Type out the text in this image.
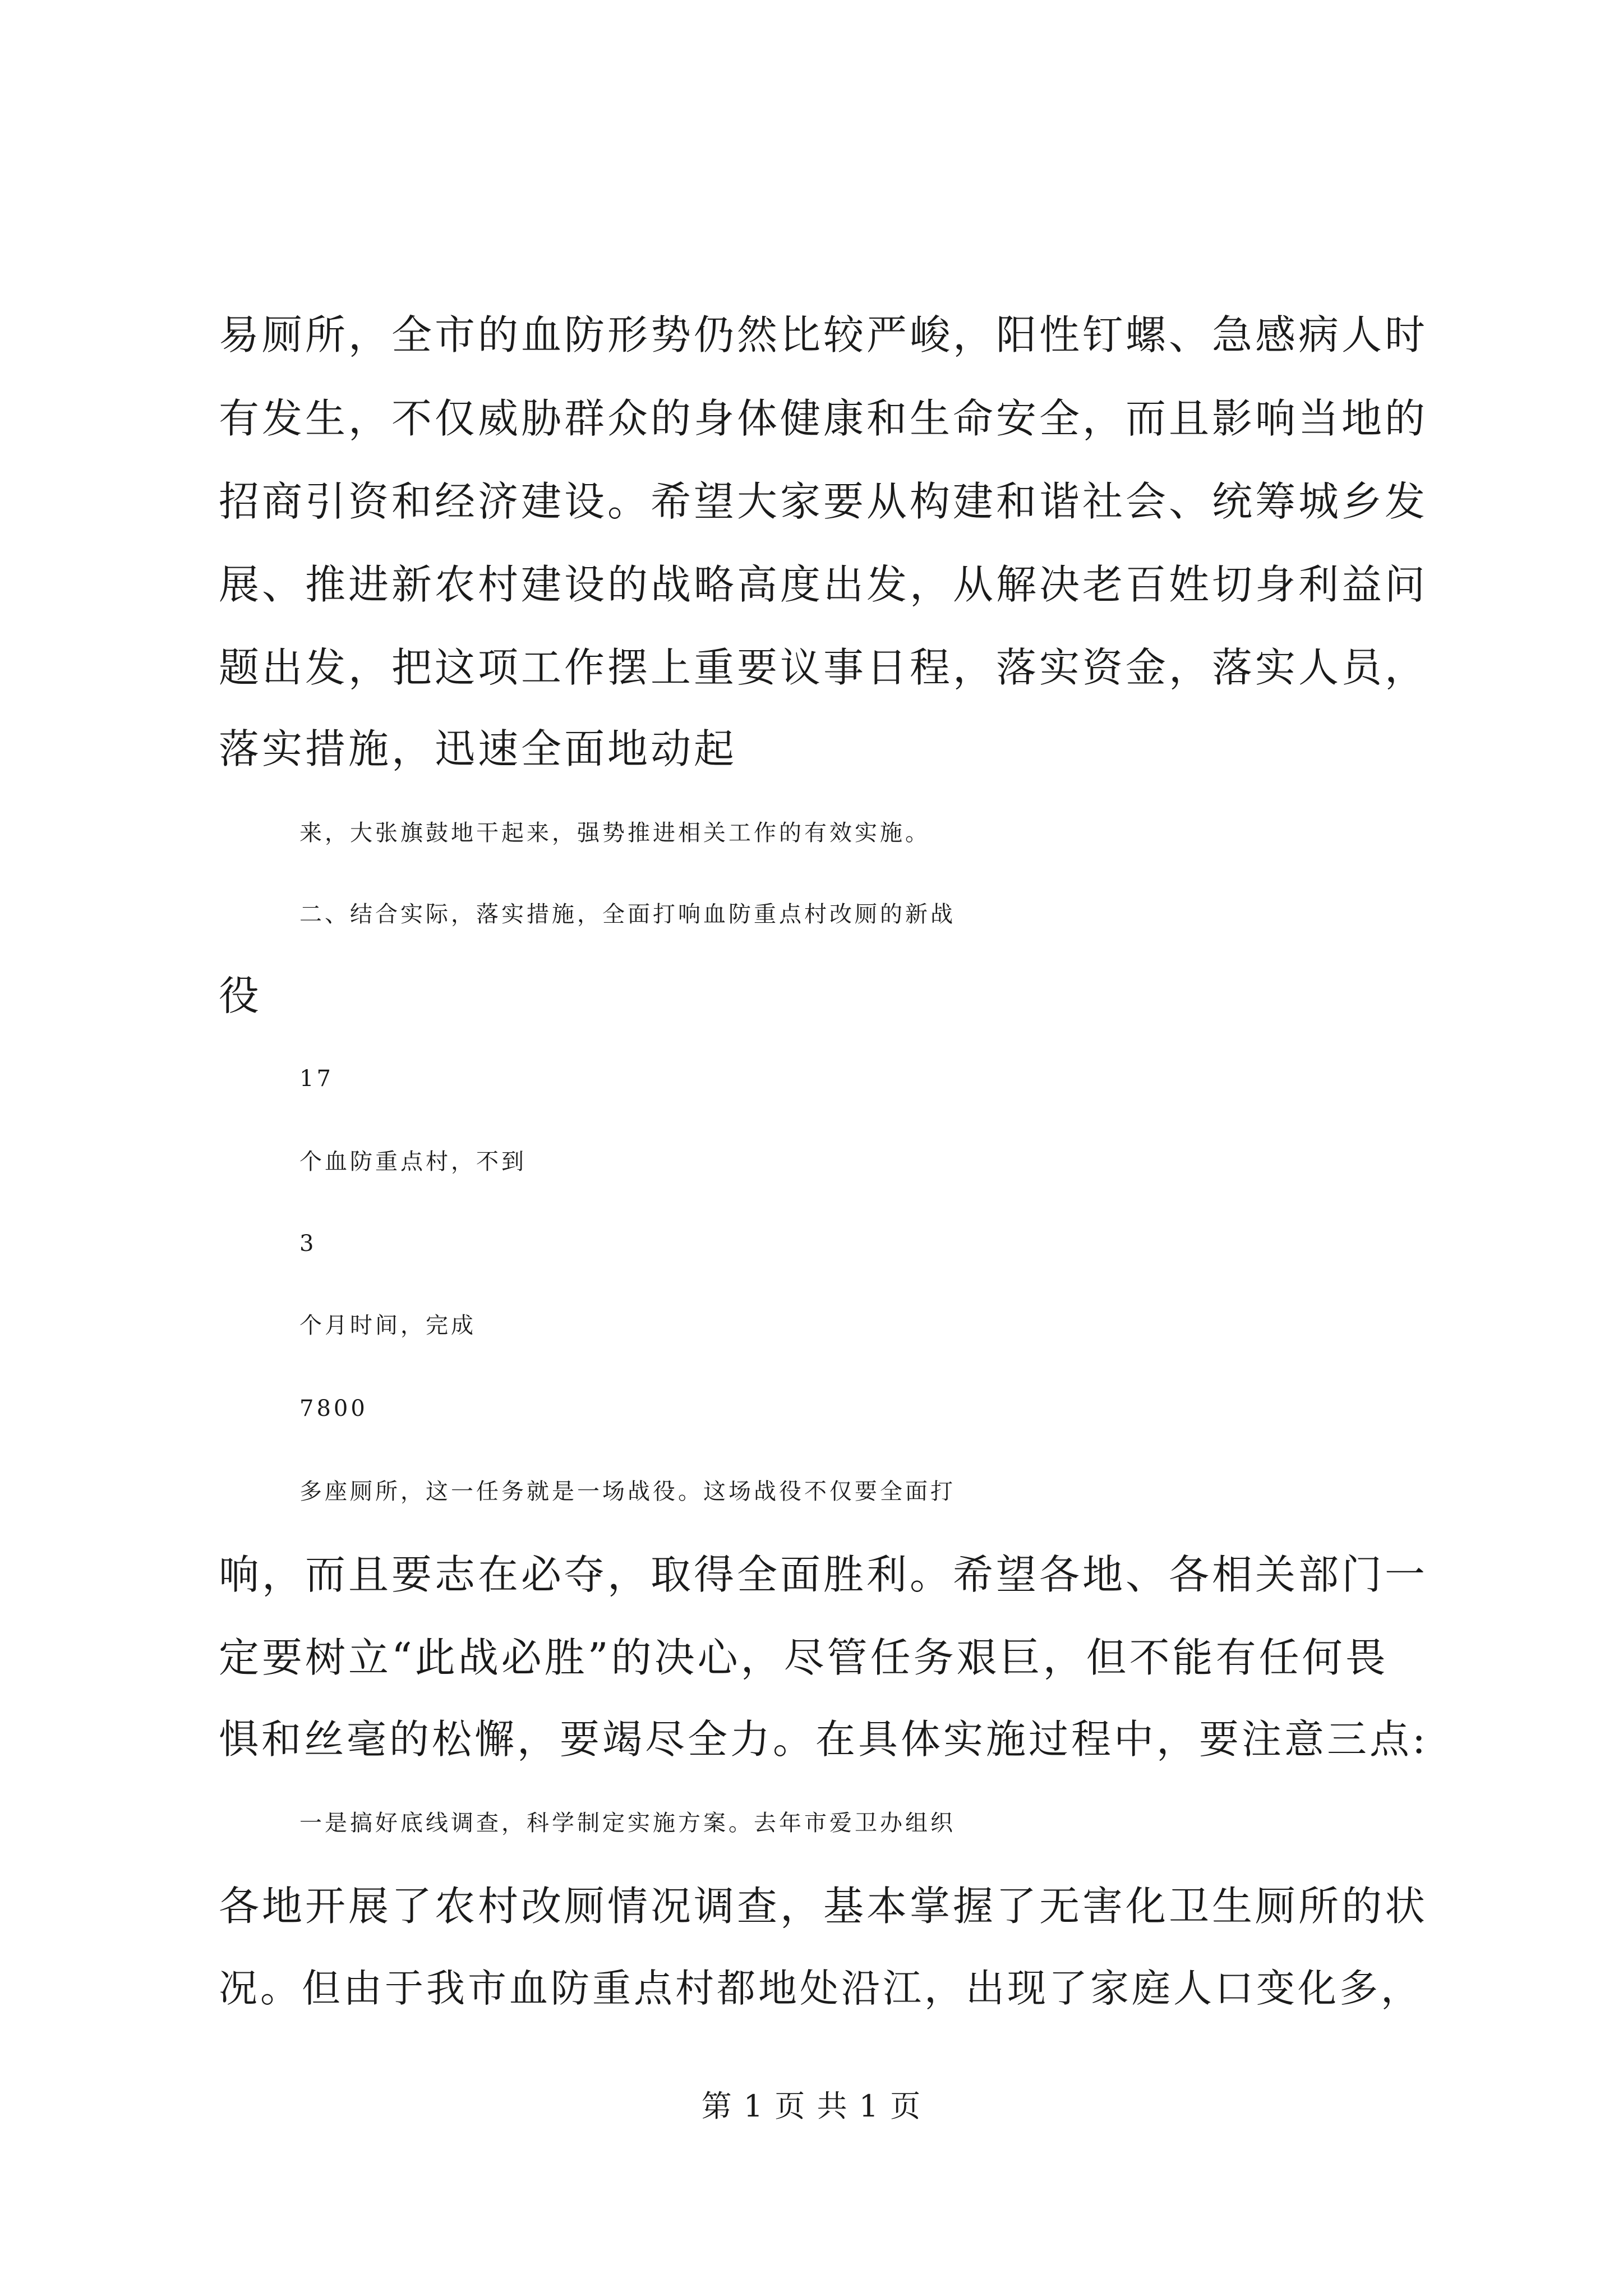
易厕所，全市的血防形势仍然比较严峻，阳性钉螺、急感病人时
有发生，不仅威胁群众的身体健康和生命安全，而且影响当地的
招商引资和经济建设。希望大家要从构建和谐社会、统筹城乡发
展、推进新农村建设的战略高度出发，从解决老百姓切身利益问
题出发，把这项工作摆上重要议事日程，落实资金，落实人员，
落实措施，迅速全面地动起
来，大张旗鼓地干起来，强势推进相关工作的有效实施。
二、结合实际，落实措施，全面打响血防重点村改厕的新战
役
17
个血防重点村，不到
3
个月时间，完成
7800
多座厕所，这一任务就是一场战役。这场战役不仅要全面打
响，而且要志在必夺，取得全面胜利。希望各地、各相关部门一
定要树立“此战必胜”的决心，尽管任务艰巨，但不能有任何畏
惧和丝毫的松懈，要竭尽全力。在具体实施过程中，要注意三点:
一是搞好底线调查，科学制定实施方案。去年市爱卫办组织
各地开展了农村改厕情况调查，基本掌握了无害化卫生厕所的状
况。但由于我市血防重点村都地处沿江，出现了家庭人口变化多，
第 1 页 共 1 页
